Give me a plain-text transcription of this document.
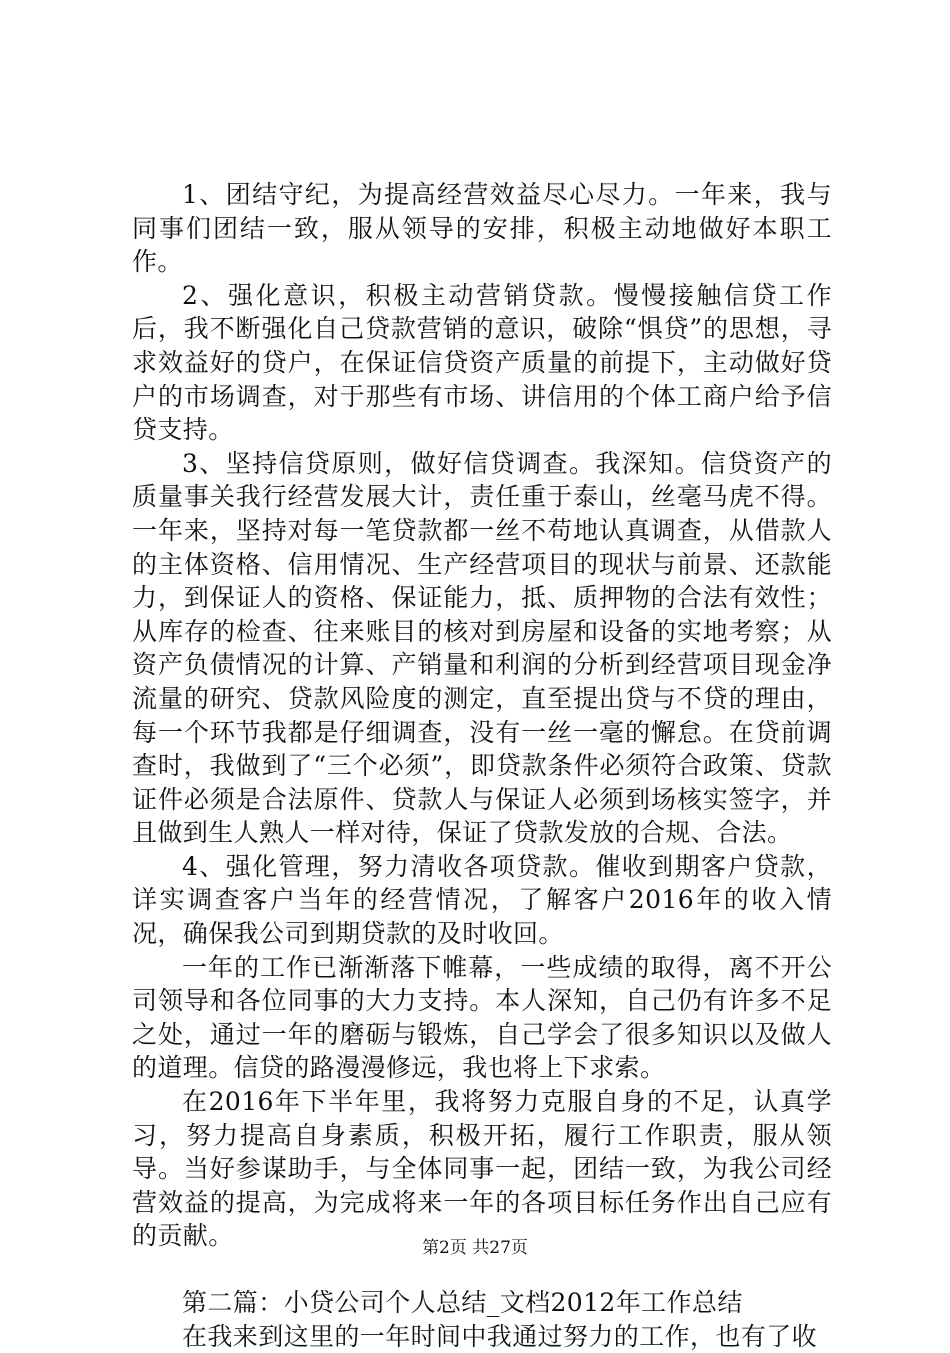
1、团结守纪，为提高经营效益尽心尽力。一年来，我与同事们团结一致，服从领导的安排，积极主动地做好本职工作。

2、强化意识，积极主动营销贷款。慢慢接触信贷工作后，我不断强化自己贷款营销的意识，破除“惧贷”的思想，寻求效益好的贷户，在保证信贷资产质量的前提下，主动做好贷户的市场调查，对于那些有市场、讲信用的个体工商户给予信贷支持。

3、坚持信贷原则，做好信贷调查。我深知。信贷资产的质量事关我行经营发展大计，责任重于泰山，丝毫马虎不得。一年来，坚持对每一笔贷款都一丝不苟地认真调查，从借款人的主体资格、信用情况、生产经营项目的现状与前景、还款能力，到保证人的资格、保证能力，抵、质押物的合法有效性；从库存的检查、往来账目的核对到房屋和设备的实地考察；从资产负债情况的计算、产销量和利润的分析到经营项目现金净流量的研究、贷款风险度的测定，直至提出贷与不贷的理由，每一个环节我都是仔细调查，没有一丝一毫的懈怠。在贷前调查时，我做到了“三个必须”，即贷款条件必须符合政策、贷款证件必须是合法原件、贷款人与保证人必须到场核实签字，并且做到生人熟人一样对待，保证了贷款发放的合规、合法。

4、强化管理，努力清收各项贷款。催收到期客户贷款，详实调查客户当年的经营情况，了解客户2016年的收入情况，确保我公司到期贷款的及时收回。

一年的工作已渐渐落下帷幕，一些成绩的取得，离不开公司领导和各位同事的大力支持。本人深知，自己仍有许多不足之处，通过一年的磨砺与锻炼，自己学会了很多知识以及做人的道理。信贷的路漫漫修远，我也将上下求索。

在2016年下半年里，我将努力克服自身的不足，认真学习，努力提高自身素质，积极开拓，履行工作职责，服从领导。当好参谋助手，与全体同事一起，团结一致，为我公司经营效益的提高，为完成将来一年的各项目标任务作出自己应有的贡献。

第二篇：小贷公司个人总结_文档2012年工作总结

在我来到这里的一年时间中我通过努力的工作，也有了收

第2页 共27页
